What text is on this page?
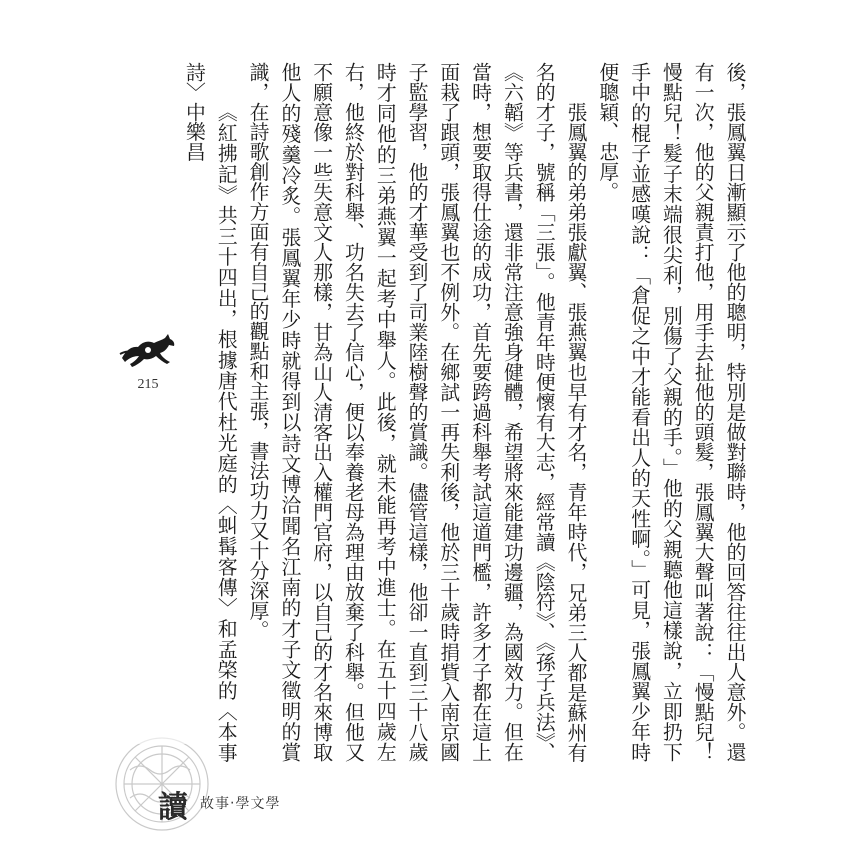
後，張鳳翼日漸顯示了他的聰明，特別是做對聯時，他的回答往往出人意外。還有一次，他的父親責打他，用手去扯他的頭髮，張鳳翼大聲叫著說：「慢點兒！慢點兒！髮子末端很尖利，別傷了父親的手。」他的父親聽他這樣說，立即扔下手中的棍子並感嘆說：「倉促之中才能看出人的天性啊。」可見，張鳳翼少年時便聰穎、忠厚。

張鳳翼的弟弟張獻翼、張燕翼也早有才名，青年時代，兄弟三人都是蘇州有名的才子，號稱「三張」。他青年時便懷有大志，經常讀《陰符》、《孫子兵法》、《六韜》等兵書，還非常注意強身健體，希望將來能建功邊疆，為國效力。但在當時，想要取得仕途的成功，首先要跨過科舉考試這道門檻，許多才子都在這上面栽了跟頭，張鳳翼也不例外。在鄉試一再失利後，他於三十歲時捐貲入南京國子監學習，他的才華受到了司業陸樹聲的賞識。儘管這樣，他卻一直到三十八歲時才同他的三弟燕翼一起考中舉人。此後，就未能再考中進士。在五十四歲左右，他終於對科舉、功名失去了信心，便以奉養老母為理由放棄了科舉。但他又不願意像一些失意文人那樣，甘為山人清客出入權門官府，以自己的才名來博取他人的殘羹冷炙。張鳳翼年少時就得到以詩文博洽聞名江南的才子文徵明的賞識，在詩歌創作方面有自己的觀點和主張，書法功力又十分深厚。

《紅拂記》共三十四出，根據唐代杜光庭的〈虯髯客傳〉和孟棨的〈本事詩〉中樂昌

215
讀 故事‧學文學
